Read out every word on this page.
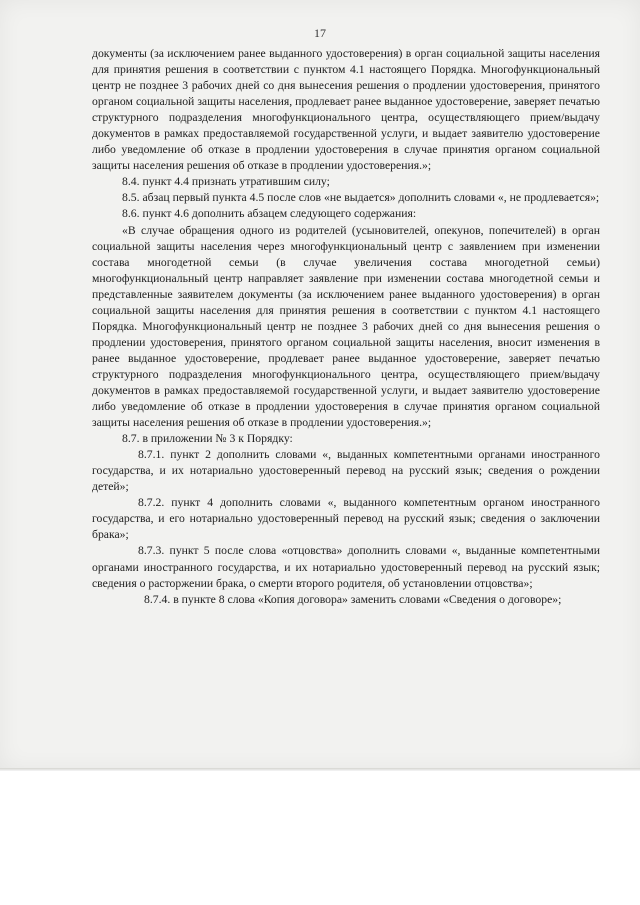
17

документы (за исключением ранее выданного удостоверения) в орган социальной защиты населения для принятия решения в соответствии с пунктом 4.1 настоящего Порядка. Многофункциональный центр не позднее 3 рабочих дней со дня вынесения решения о продлении удостоверения, принятого органом социальной защиты населения, продлевает ранее выданное удостоверение, заверяет печатью структурного подразделения многофункционального центра, осуществляющего прием/выдачу документов в рамках предоставляемой государственной услуги, и выдает заявителю удостоверение либо уведомление об отказе в продлении удостоверения в случае принятия органом социальной защиты населения решения об отказе в продлении удостоверения.»;

8.4. пункт 4.4 признать утратившим силу;

8.5. абзац первый пункта 4.5 после слов «не выдается» дополнить словами «, не продлевается»;

8.6. пункт 4.6 дополнить абзацем следующего содержания:

«В случае обращения одного из родителей (усыновителей, опекунов, попечителей) в орган социальной защиты населения через многофункциональный центр с заявлением при изменении состава многодетной семьи (в случае увеличения состава многодетной семьи) многофункциональный центр направляет заявление при изменении состава многодетной семьи и представленные заявителем документы (за исключением ранее выданного удостоверения) в орган социальной защиты населения для принятия решения в соответствии с пунктом 4.1 настоящего Порядка. Многофункциональный центр не позднее 3 рабочих дней со дня вынесения решения о продлении удостоверения, принятого органом социальной защиты населения, вносит изменения в ранее выданное удостоверение, продлевает ранее выданное удостоверение, заверяет печатью структурного подразделения многофункционального центра, осуществляющего прием/выдачу документов в рамках предоставляемой государственной услуги, и выдает заявителю удостоверение либо уведомление об отказе в продлении удостоверения в случае принятия органом социальной защиты населения решения об отказе в продлении удостоверения.»;

8.7. в приложении № 3 к Порядку:

8.7.1. пункт 2 дополнить словами «, выданных компетентными органами иностранного государства, и их нотариально удостоверенный перевод на русский язык; сведения о рождении детей»;

8.7.2. пункт 4 дополнить словами «, выданного компетентным органом иностранного государства, и его нотариально удостоверенный перевод на русский язык; сведения о заключении брака»;

8.7.3. пункт 5 после слова «отцовства» дополнить словами «, выданные компетентными органами иностранного государства, и их нотариально удостоверенный перевод на русский язык; сведения о расторжении брака, о смерти второго родителя, об установлении отцовства»;

8.7.4. в пункте 8 слова «Копия договора» заменить словами «Сведения о договоре»;
